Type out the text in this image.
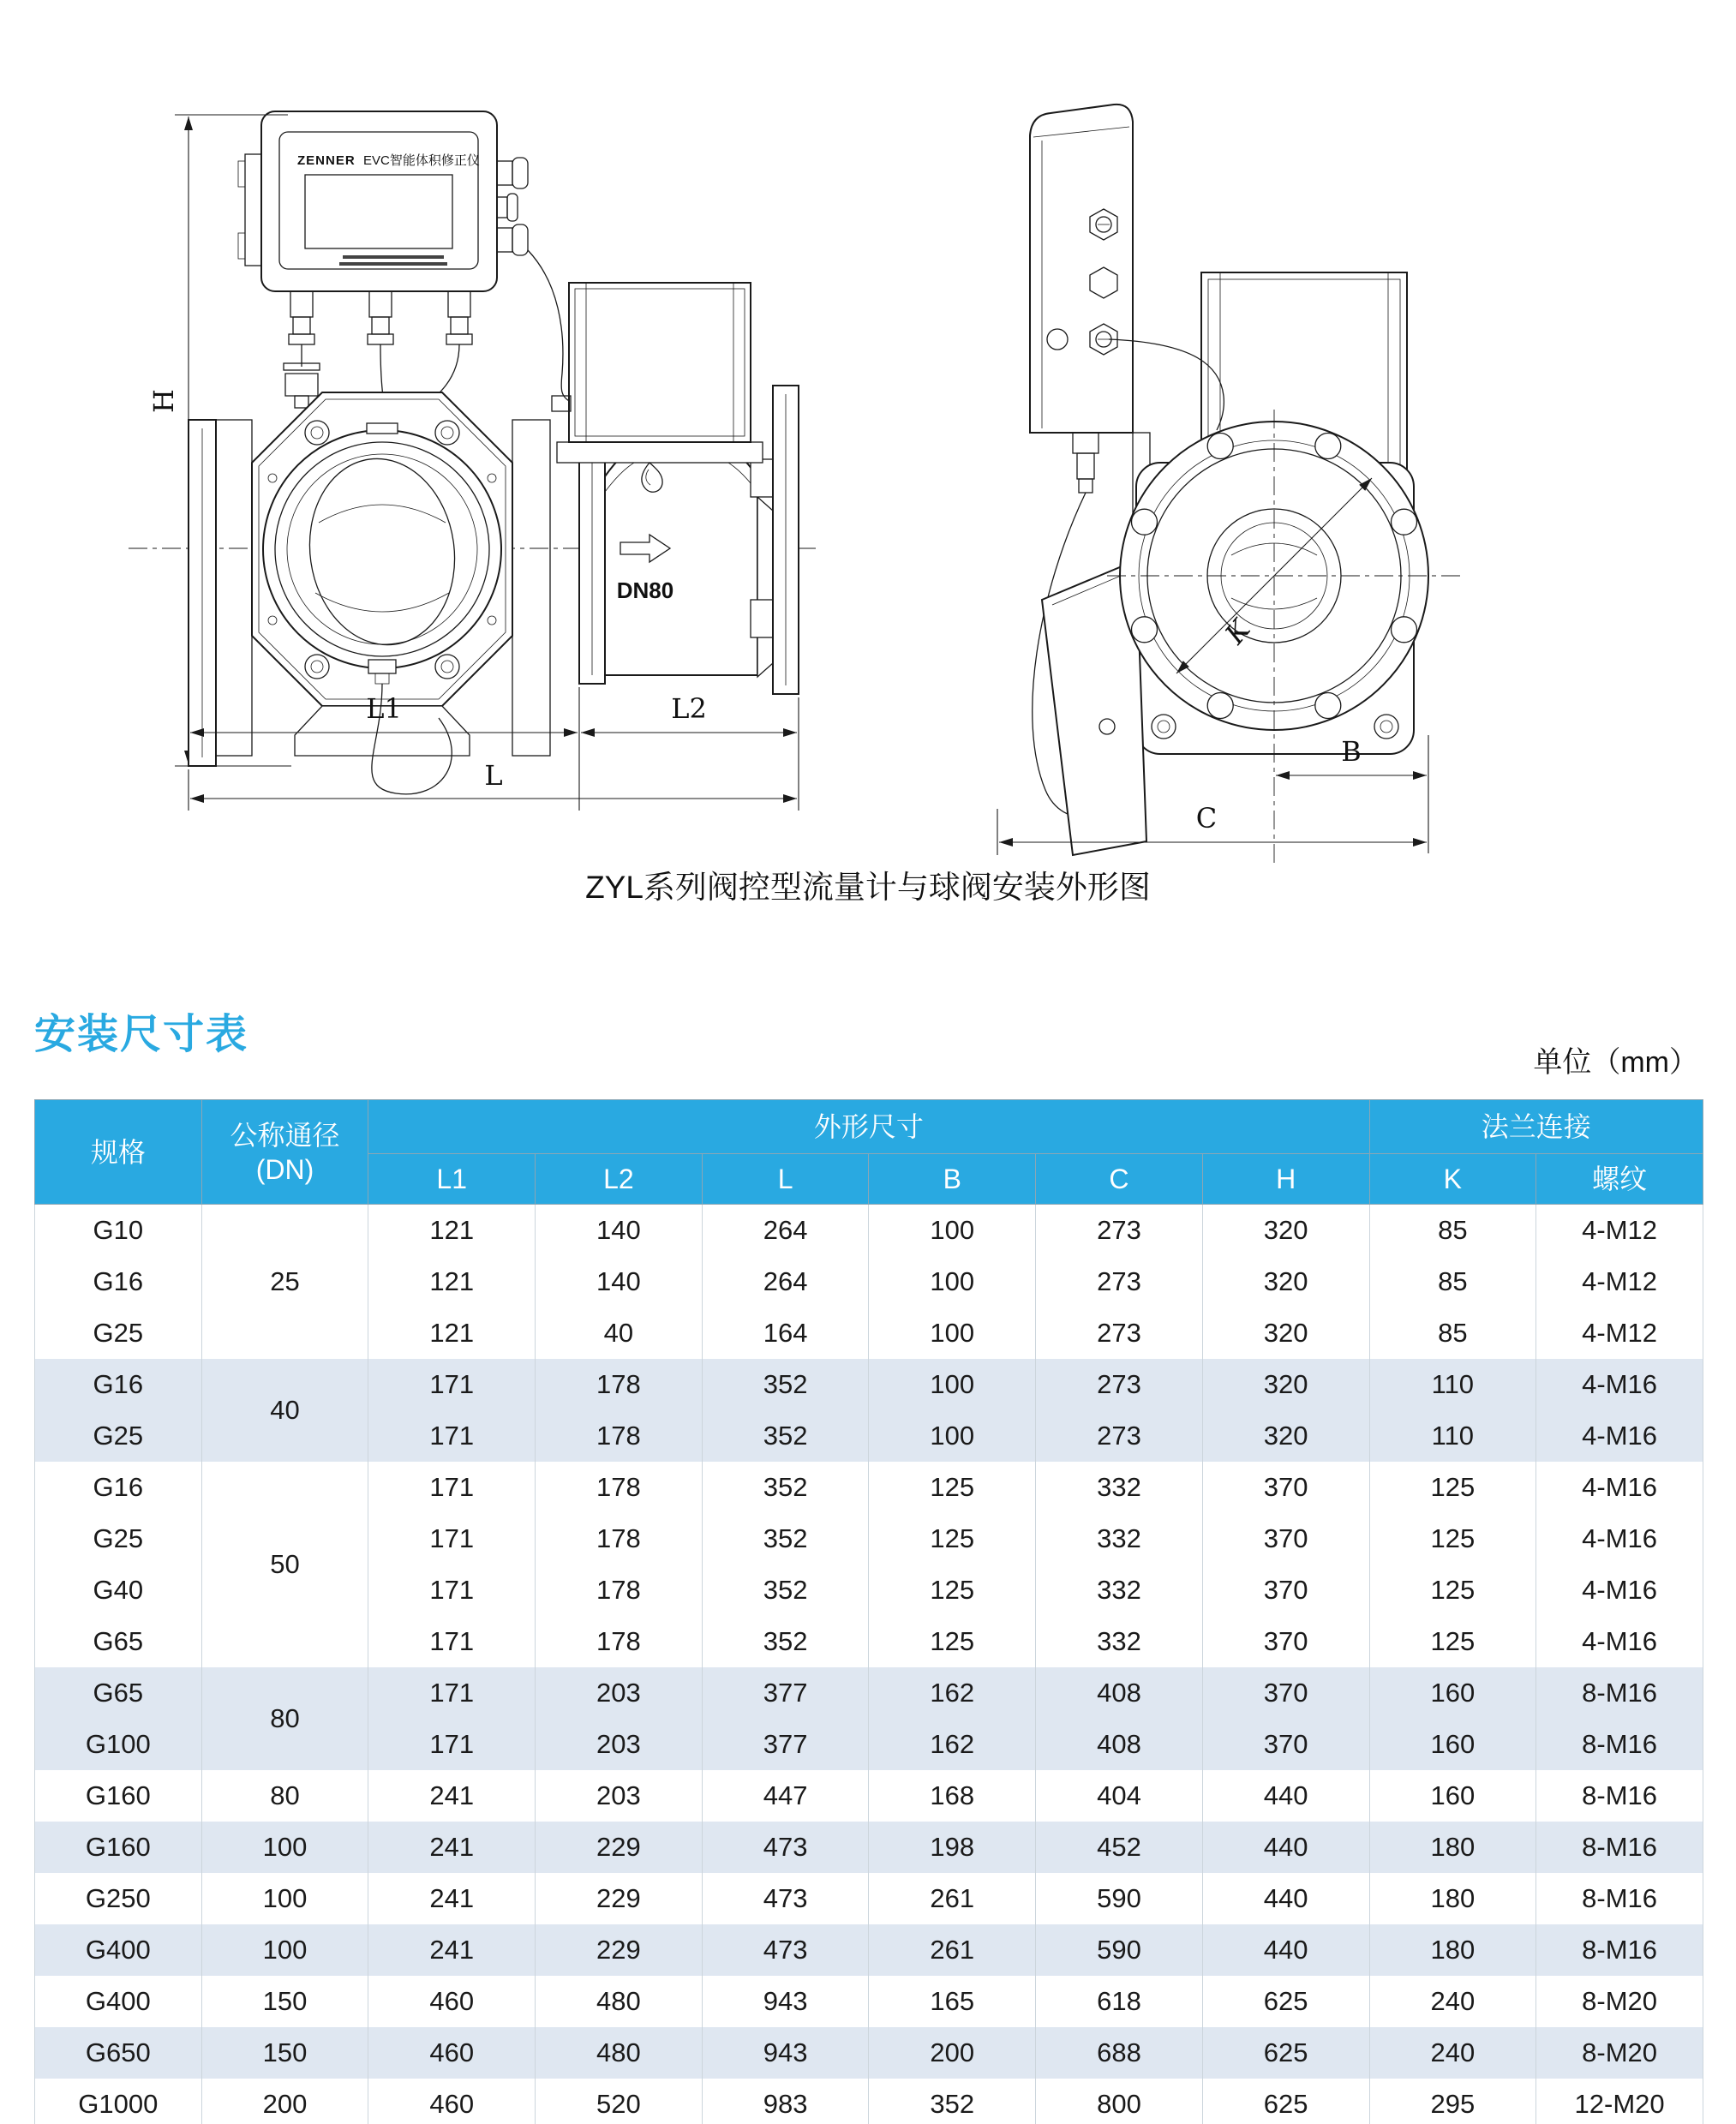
H
ZENNER EVC智能体积修正仪
DN80
L1	L2
L
K
B
C
ZYL系列阀控型流量计与球阀安装外形图
安装尺寸表
单位（mm）
规格	公称通径
(DN)	外形尺寸						法兰连接	
		L1	L2	L	B	C	H	K	螺纹
G10	25	121	140	264	100	273	320	85	4-M12
G16		121	140	264	100	273	320	85	4-M12
G25		121	40	164	100	273	320	85	4-M12
G16	40	171	178	352	100	273	320	110	4-M16
G25		171	178	352	100	273	320	110	4-M16
G16	50	171	178	352	125	332	370	125	4-M16
G25		171	178	352	125	332	370	125	4-M16
G40		171	178	352	125	332	370	125	4-M16
G65		171	178	352	125	332	370	125	4-M16
G65	80	171	203	377	162	408	370	160	8-M16
G100		171	203	377	162	408	370	160	8-M16
G160	80	241	203	447	168	404	440	160	8-M16
G160	100	241	229	473	198	452	440	180	8-M16
G250	100	241	229	473	261	590	440	180	8-M16
G400	100	241	229	473	261	590	440	180	8-M16
G400	150	460	480	943	165	618	625	240	8-M20
G650	150	460	480	943	200	688	625	240	8-M20
G1000	200	460	520	983	352	800	625	295	12-M20
